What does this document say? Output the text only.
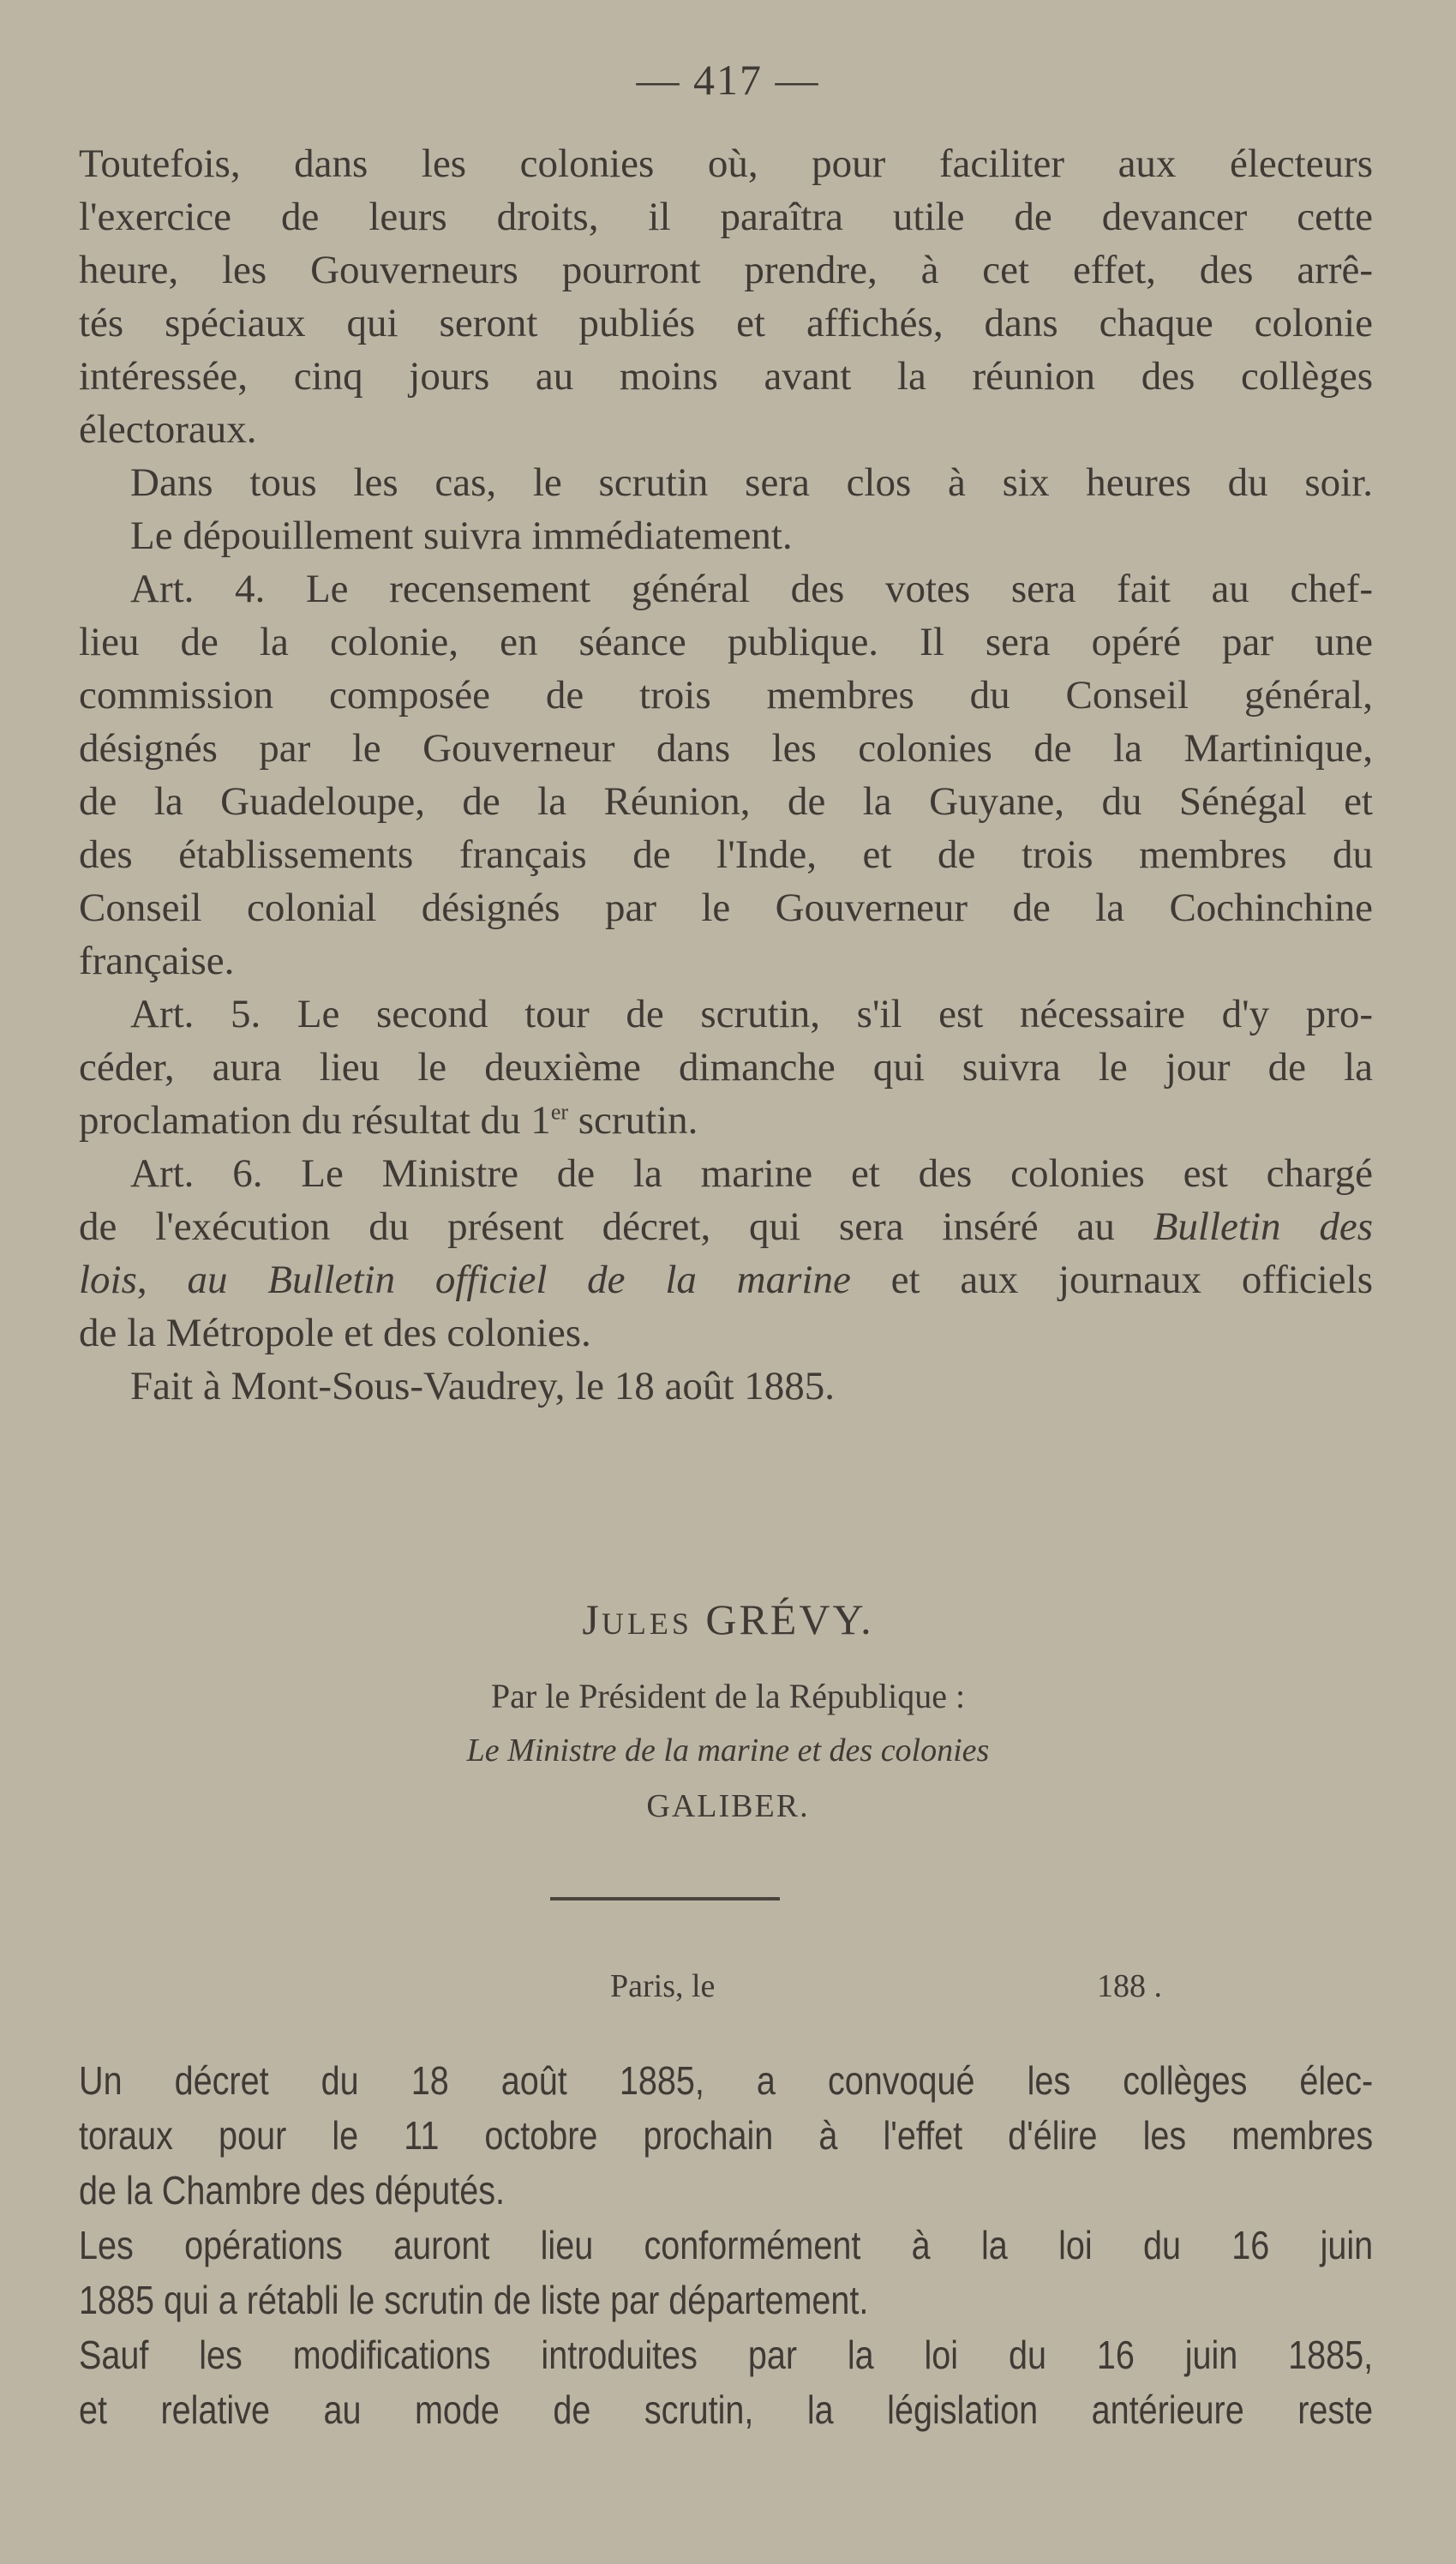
— 417 —
Toutefois, dans les colonies où, pour faciliter aux électeurs
l'exercice de leurs droits, il paraîtra utile de devancer cette
heure, les Gouverneurs pourront prendre, à cet effet, des arrê-
tés spéciaux qui seront publiés et affichés, dans chaque colonie
intéressée, cinq jours au moins avant la réunion des collèges
électoraux.
Dans tous les cas, le scrutin sera clos à six heures du soir.
Le dépouillement suivra immédiatement.
Art. 4. Le recensement général des votes sera fait au chef-
lieu de la colonie, en séance publique. Il sera opéré par une
commission composée de trois membres du Conseil général,
désignés par le Gouverneur dans les colonies de la Martinique,
de la Guadeloupe, de la Réunion, de la Guyane, du Sénégal et
des établissements français de l'Inde, et de trois membres du
Conseil colonial désignés par le Gouverneur de la Cochinchine
française.
Art. 5. Le second tour de scrutin, s'il est nécessaire d'y pro-
céder, aura lieu le deuxième dimanche qui suivra le jour de la
proclamation du résultat du 1er scrutin.
Art. 6. Le Ministre de la marine et des colonies est chargé
de l'exécution du présent décret, qui sera inséré au Bulletin des
lois, au Bulletin officiel de la marine et aux journaux officiels
de la Métropole et des colonies.
Fait à Mont-Sous-Vaudrey, le 18 août 1885.
JULES GRÉVY.
Par le Président de la République :
Le Ministre de la marine et des colonies
GALIBER.
Paris, le	188 .
Un décret du 18 août 1885, a convoqué les collèges élec-
toraux pour le 11 octobre prochain à l'effet d'élire les membres
de la Chambre des députés.
Les opérations auront lieu conformément à la loi du 16 juin
1885 qui a rétabli le scrutin de liste par département.
Sauf les modifications introduites par la loi du 16 juin 1885,
et relative au mode de scrutin, la législation antérieure reste
